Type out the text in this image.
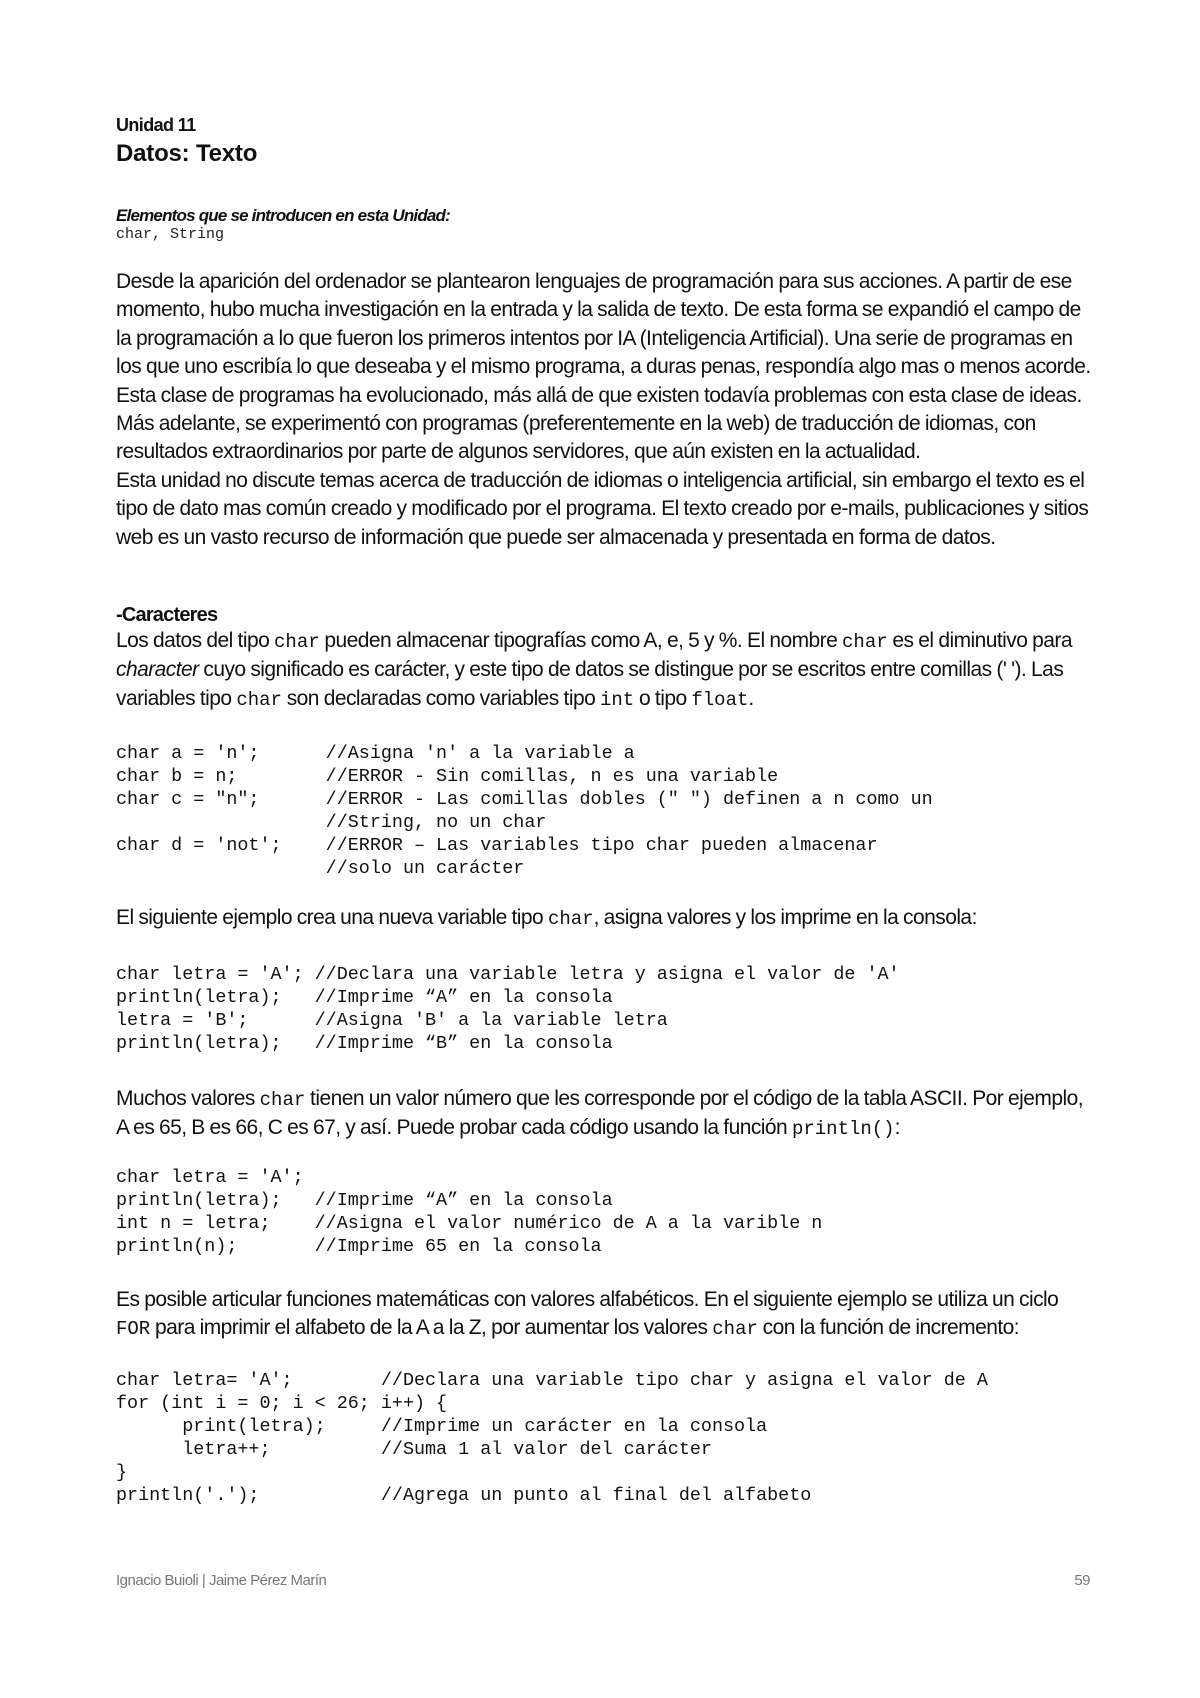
Unidad 11
Datos: Texto
Elementos que se introducen en esta Unidad:
char, String

Desde la aparición del ordenador se plantearon lenguajes de programación para sus acciones. A partir de ese momento, hubo mucha investigación en la entrada y la salida de texto. De esta forma se expandió el campo de la programación a lo que fueron los primeros intentos por IA (Inteligencia Artificial). Una serie de programas en los que uno escribía lo que deseaba y el mismo programa, a duras penas, respondía algo mas o menos acorde. Esta clase de programas ha evolucionado, más allá de que existen todavía problemas con esta clase de ideas.

Más adelante, se experimentó con programas (preferentemente en la web) de traducción de idiomas, con resultados extraordinarios por parte de algunos servidores, que aún existen en la actualidad.

Esta unidad no discute temas acerca de traducción de idiomas o inteligencia artificial, sin embargo el texto es el tipo de dato mas común creado y modificado por el programa. El texto creado por e-mails, publicaciones y sitios web es un vasto recurso de información que puede ser almacenada y presentada en forma de datos.

-Caracteres
Los datos del tipo char pueden almacenar tipografías como A, e, 5 y %. El nombre char es el diminutivo para character cuyo significado es carácter, y este tipo de datos se distingue por se escritos entre comillas (' '). Las variables tipo char son declaradas como variables tipo int o tipo float.
char a = 'n';      //Asigna 'n' a la variable a
char b = n;        //ERROR - Sin comillas, n es una variable
char c = "n";      //ERROR - Las comillas dobles (" ") definen a n como un
//String, no un char
char d = 'not';    //ERROR – Las variables tipo char pueden almacenar
//solo un carácter
El siguiente ejemplo crea una nueva variable tipo char, asigna valores y los imprime en la consola:
char letra = 'A'; //Declara una variable letra y asigna el valor de 'A'
println(letra);   //Imprime “A” en la consola
letra = 'B';      //Asigna 'B' a la variable letra
println(letra);   //Imprime “B” en la consola
Muchos valores char tienen un valor número que les corresponde por el código de la tabla ASCII. Por ejemplo, A es 65, B es 66, C es 67, y así. Puede probar cada código usando la función println():
char letra = 'A';
println(letra);   //Imprime “A” en la consola
int n = letra;    //Asigna el valor numérico de A a la varible n
println(n);       //Imprime 65 en la consola
Es posible articular funciones matemáticas con valores alfabéticos. En el siguiente ejemplo se utiliza un ciclo FOR para imprimir el alfabeto de la A a la Z, por aumentar los valores char con la función de incremento:
char letra= 'A';        //Declara una variable tipo char y asigna el valor de A
for (int i = 0; i < 26; i++) {
print(letra);     //Imprime un carácter en la consola
letra++;          //Suma 1 al valor del carácter
}
println('.');           //Agrega un punto al final del alfabeto
Ignacio Buioli | Jaime Pérez Marín	59
